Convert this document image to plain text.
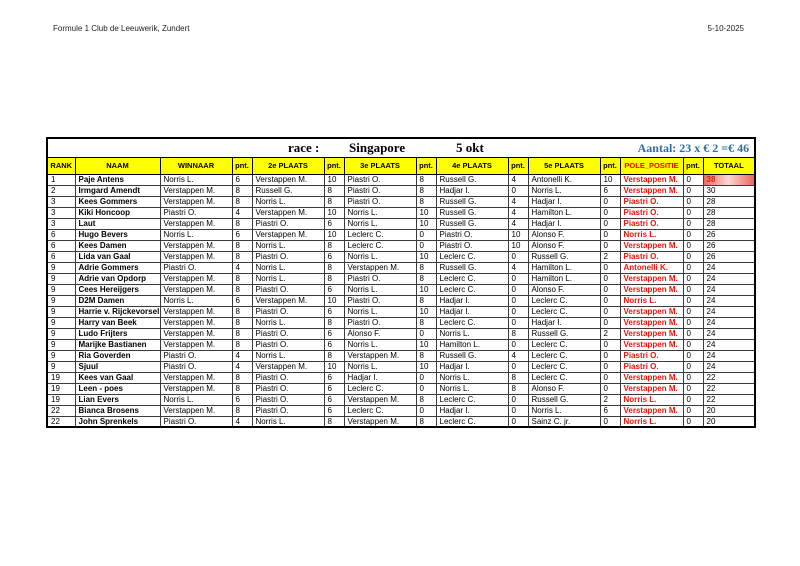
Formule 1 Club de Leeuwerik, Zundert	5-10-2025
race : Singapore 5 okt Aantal: 23 x € 2 =€ 46														

RANK	NAAM	WINNAAR	pnt.	2e PLAATS	pnt.	3e PLAATS	pnt.	4e PLAATS	pnt.	5e PLAATS	pnt.	POLE_POSITIE	pnt.	TOTAAL
1	Paje Antens	Norris L.	6	Verstappen M.	10	Piastri O.	8	Russell G.	4	Antonelli K.	10	Verstappen M.	0	38
2	Irmgard Amendt	Verstappen M.	8	Russell G.	8	Piastri O.	8	Hadjar I.	0	Norris L.	6	Verstappen M.	0	30
3	Kees Gommers	Verstappen M.	8	Norris L.	8	Piastri O.	8	Russell G.	4	Hadjar I.	0	Piastri O.	0	28
3	Kiki Honcoop	Piastri O.	4	Verstappen M.	10	Norris L.	10	Russell G.	4	Hamilton L.	0	Piastri O.	0	28
3	Laut	Verstappen M.	8	Piastri O.	6	Norris L.	10	Russell G.	4	Hadjar I.	0	Piastri O.	0	28
6	Hugo Bevers	Norris L.	6	Verstappen M.	10	Leclerc C.	0	Piastri O.	10	Alonso F.	0	Norris L.	0	26
6	Kees Damen	Verstappen M.	8	Norris L.	8	Leclerc C.	0	Piastri O.	10	Alonso F.	0	Verstappen M.	0	26
6	Lida van Gaal	Verstappen M.	8	Piastri O.	6	Norris L.	10	Leclerc C.	0	Russell G.	2	Piastri O.	0	26
9	Adrie Gommers	Piastri O.	4	Norris L.	8	Verstappen M.	8	Russell G.	4	Hamilton L.	0	Antonelli K.	0	24
9	Adrie van Opdorp	Verstappen M.	8	Norris L.	8	Piastri O.	8	Leclerc C.	0	Hamilton L.	0	Verstappen M.	0	24
9	Cees Hereijgers	Verstappen M.	8	Piastri O.	6	Norris L.	10	Leclerc C.	0	Alonso F.	0	Verstappen M.	0	24
9	D2M Damen	Norris L.	6	Verstappen M.	10	Piastri O.	8	Hadjar I.	0	Leclerc C.	0	Norris L.	0	24
9	Harrie v. Rijckevorsel	Verstappen M.	8	Piastri O.	6	Norris L.	10	Hadjar I.	0	Leclerc C.	0	Verstappen M.	0	24
9	Harry van Beek	Verstappen M.	8	Norris L.	8	Piastri O.	8	Leclerc C.	0	Hadjar I.	0	Verstappen M.	0	24
9	Ludo Frijters	Verstappen M.	8	Piastri O.	6	Alonso F.	0	Norris L.	8	Russell G.	2	Verstappen M.	0	24
9	Marijke Bastianen	Verstappen M.	8	Piastri O.	6	Norris L.	10	Hamilton L.	0	Leclerc C.	0	Verstappen M.	0	24
9	Ria Goverden	Piastri O.	4	Norris L.	8	Verstappen M.	8	Russell G.	4	Leclerc C.	0	Piastri O.	0	24
9	Sjuul	Piastri O.	4	Verstappen M.	10	Norris L.	10	Hadjar I.	0	Leclerc C.	0	Piastri O.	0	24
19	Kees van Gaal	Verstappen M.	8	Piastri O.	6	Hadjar I.	0	Norris L.	8	Leclerc C.	0	Verstappen M.	0	22
19	Leen - poes	Verstappen M.	8	Piastri O.	6	Leclerc C.	0	Norris L.	8	Alonso F.	0	Verstappen M.	0	22
19	Lian Evers	Norris L.	6	Piastri O.	6	Verstappen M.	8	Leclerc C.	0	Russell G.	2	Norris L.	0	22
22	Bianca Brosens	Verstappen M.	8	Piastri O.	6	Leclerc C.	0	Hadjar I.	0	Norris L.	6	Verstappen M.	0	20
22	John Sprenkels	Piastri O.	4	Norris L.	8	Verstappen M.	8	Leclerc C.	0	Sainz C. jr.	0	Norris L.	0	20
